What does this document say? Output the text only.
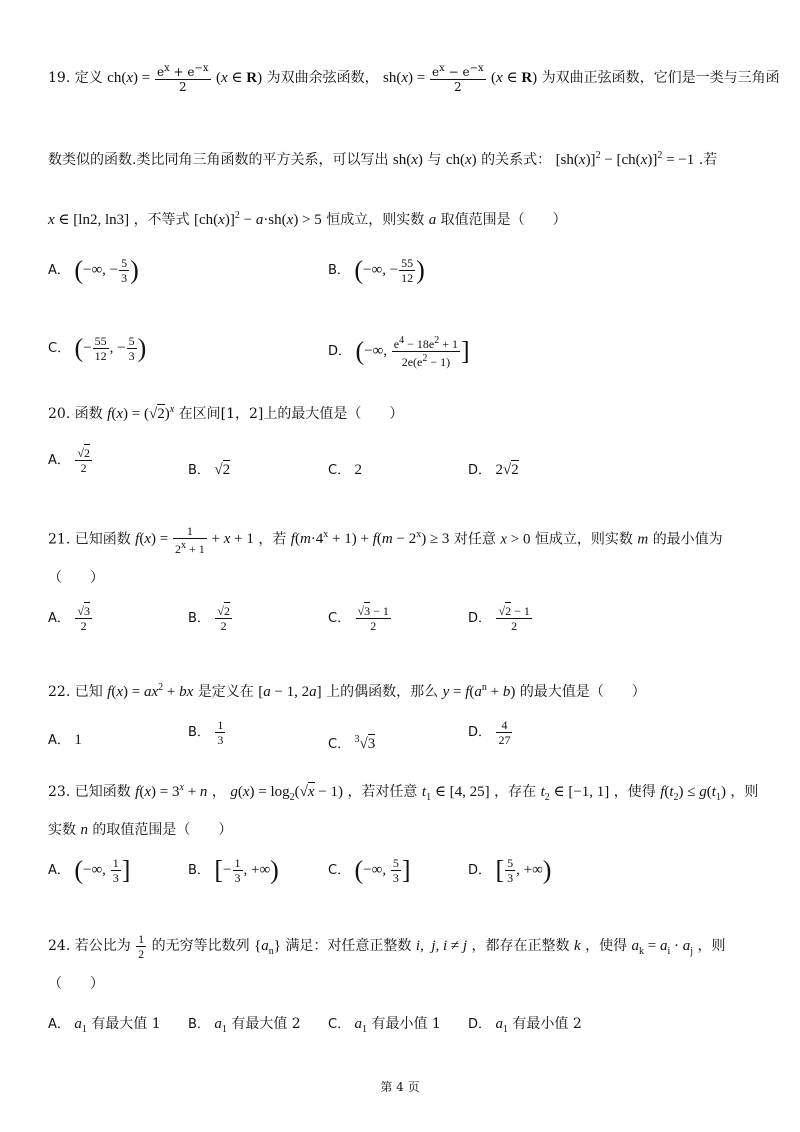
19. 定义 $ch(x) = \frac{e^x + e^{-x}}{2} (x$ ∈ R) 为双曲余弦函数， $sh(x) = \frac{e^x - e^{-x}}{2} (x$ ∈ R) 为双曲正弦函数，它们是一类与三角函
数类似的函数.类比同角三角函数的平方关系，可以写出 sh(x) 与 ch(x) 的关系式： $[sh(x)]^2 - [ch(x)]^2 = -1$ .若
x ∈ [ln2, ln3] ，不等式 $[ch(x)]^2 - a\cdot sh(x) > 5$ 恒成立，则实数 a 取值范围是（　　）
A． (−∞, − $\frac{5}{3}$ )	B． (−∞, − $\frac{55}{12}$ )
C． (− $\frac{55}{12}$ , − $\frac{5}{3}$ )	D． (−∞, $\frac{e^4 - 18e^2 + 1}{2e(e^2 - 1)}$ ]
20. 函数 $f(x) = (√2)^x$ 在区间[1，2]上的最大值是（　　）
A． $\frac{√2}{2}$	B． √2	C． 2	D． 2√2
21. 已知函数 $f(x) = \frac{1}{2^x + 1} + x + 1$ ，若 $f(m\cdot 4^x + 1) + f(m - 2^x) \ge 3$ 对任意 x > 0 恒成立，则实数 m 的最小值为
（　　）
A． $\frac{√3}{2}$	B． $\frac{√2}{2}$	C． $\frac{√3 - 1}{2}$	D． $\frac{√2 - 1}{2}$
22. 已知 $f(x) = ax^2$ + bx 是定义在 [a − 1, 2a] 上的偶函数，那么 $y = f(a^n + b)$ 的最大值是（　　）
A． 1	B． $\frac{1}{3}$	C． $^3$√3
D． $\frac{4}{27}$
23. 已知函数 $f(x) = 3^x + n$ ， $g(x) = \log_2(√x - 1)$ ，若对任意 $t_1$ ∈ [4, 25] ，存在 $t_2$ ∈ [−1, 1] ，使得 $f(t_2) \le g(t_1)$ ，则
实数 n 的取值范围是（　　）
A． (−∞, $\frac{1}{3}$ ]	B． [− $\frac{1}{3}$ , +∞)	C． (−∞, $\frac{5}{3}$ ]	D． [ $\frac{5}{3}$ , +∞)
24. 若公比为 $\frac{1}{2}$ 的无穷等比数列 $\{a_n\}$ 满足：对任意正整数 i,  j, i ≠ j ，都存在正整数 k ，使得 $a_k = a_i \cdot a_j$ ，则
（　　）
A． $a_1$ 有最大值 1 B． $a_1$ 有最大值 2 C． $a_1$ 有最小值 1 D． $a_1$ 有最小值 2
第 4 页
